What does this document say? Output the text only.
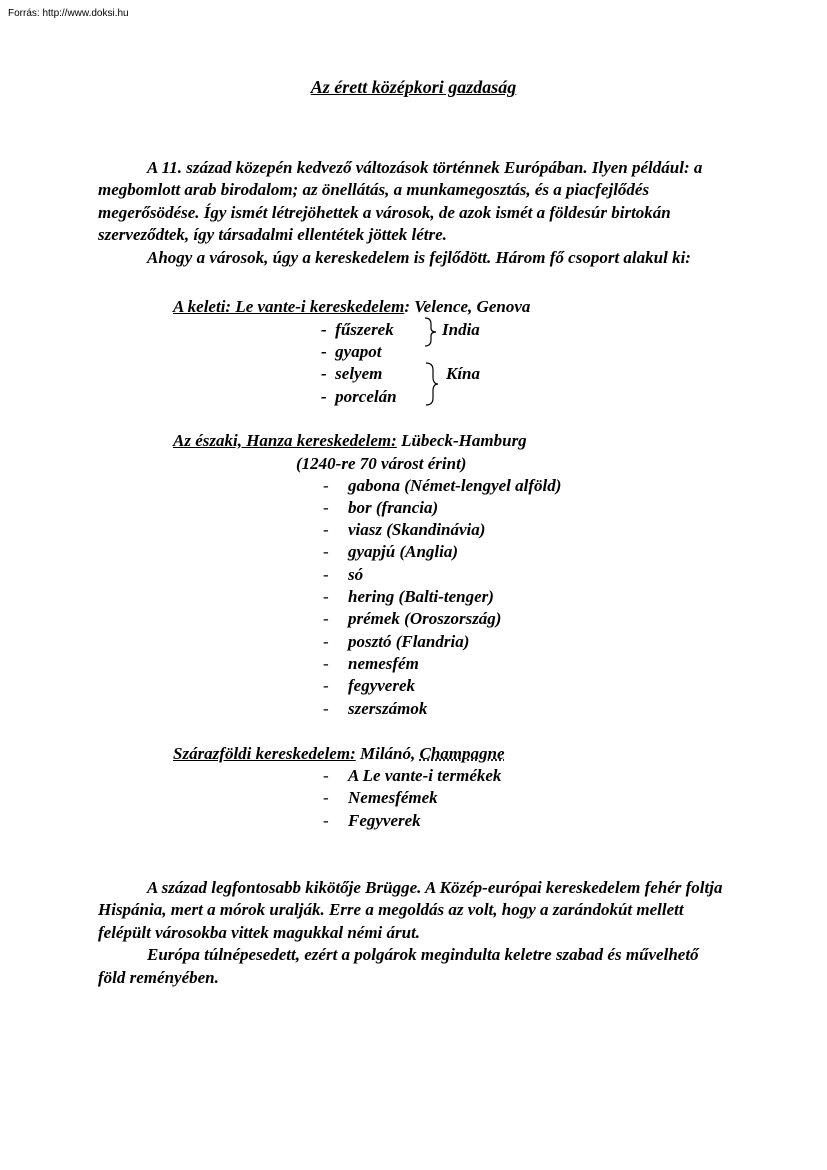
Forrás: http://www.doksi.hu
Az érett középkori gazdaság

A 11. század közepén kedvező változások történnek Európában. Ilyen például: a megbomlott arab birodalom; az önellátás, a munkamegosztás, és a piacfejlődés megerősödése. Így ismét létrejöhettek a városok, de azok ismét a földesúr birtokán szerveződtek, így társadalmi ellentétek jöttek létre.

Ahogy a városok, úgy a kereskedelem is fejlődött. Három fő csoport alakul ki:

A keleti: Le vante-i kereskedelem: Velence, Genova
-  fűszerek
-  gyapot
-  selyem
-  porcelán
India
Kína
Az északi, Hanza kereskedelem: Lübeck-Hamburg
(1240-re 70 várost érint)
- gabona (Német-lengyel alföld)
- bor (francia)
- viasz (Skandinávia)
- gyapjú (Anglia)
- só
- hering (Balti-tenger)
- prémek (Oroszország)
- posztó (Flandria)
- nemesfém
- fegyverek
- szerszámok
Szárazföldi kereskedelem: Milánó, Champagne
- A Le vante-i termékek
- Nemesfémek
- Fegyverek

A század legfontosabb kikötője Brügge. A Közép-európai kereskedelem fehér foltja Hispánia, mert a mórok uralják. Erre a megoldás az volt, hogy a zarándokút mellett felépült városokba vittek magukkal némi árut.

Európa túlnépesedett, ezért a polgárok megindulta keletre szabad és művelhető föld reményében.
